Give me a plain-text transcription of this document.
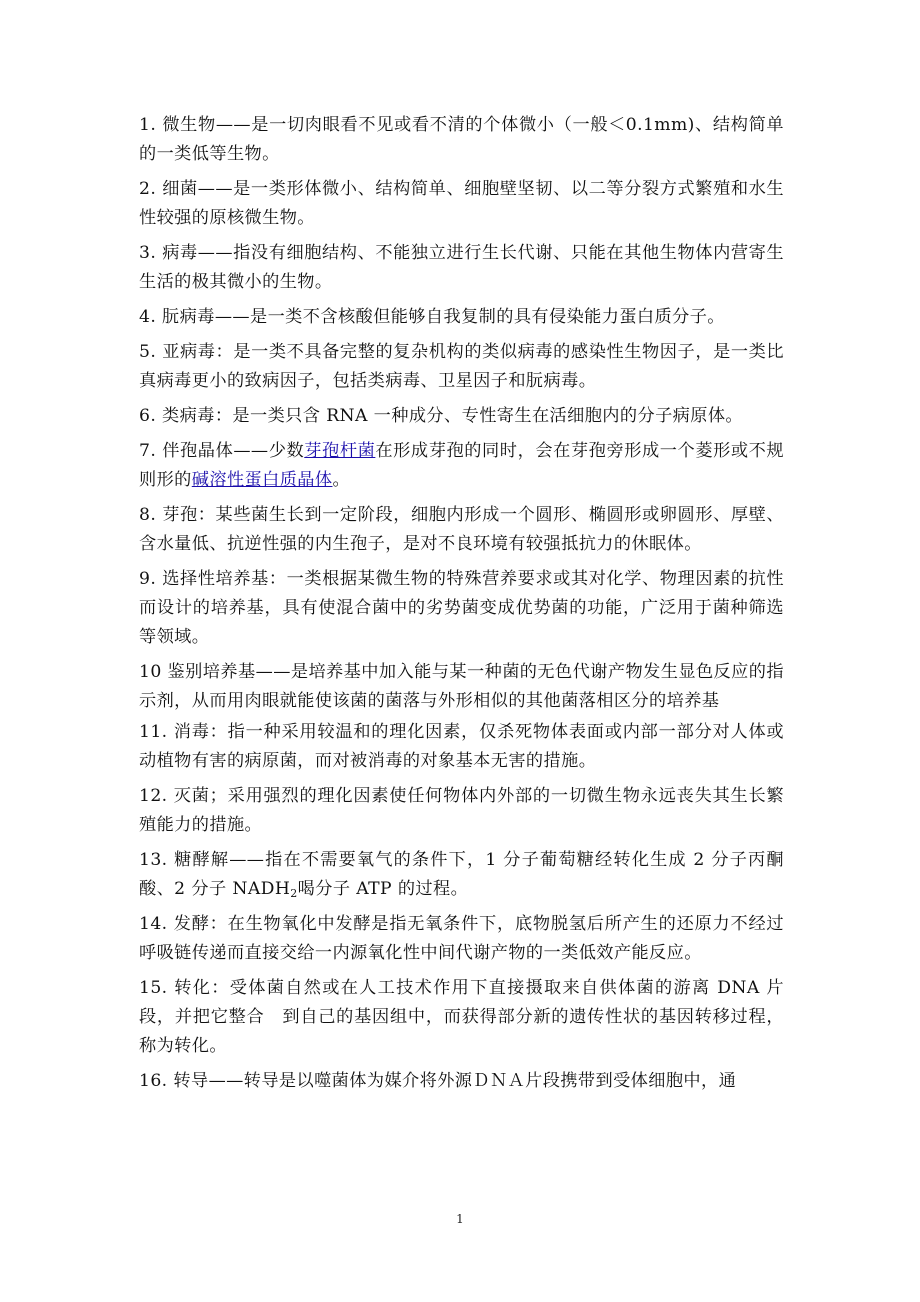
1. 微生物——是一切肉眼看不见或看不清的个体微小（一般＜0.1mm)、结构简单的一类低等生物。

2. 细菌——是一类形体微小、结构简单、细胞壁坚韧、以二等分裂方式繁殖和水生性较强的原核微生物。

3. 病毒——指没有细胞结构、不能独立进行生长代谢、只能在其他生物体内营寄生生活的极其微小的生物。

4. 朊病毒——是一类不含核酸但能够自我复制的具有侵染能力蛋白质分子。

5. 亚病毒：是一类不具备完整的复杂机构的类似病毒的感染性生物因子，是一类比真病毒更小的致病因子，包括类病毒、卫星因子和朊病毒。

6. 类病毒：是一类只含 RNA 一种成分、专性寄生在活细胞内的分子病原体。

7. 伴孢晶体——少数芽孢杆菌在形成芽孢的同时，会在芽孢旁形成一个菱形或不规则形的碱溶性蛋白质晶体。

8. 芽孢：某些菌生长到一定阶段，细胞内形成一个圆形、椭圆形或卵圆形、厚壁、含水量低、抗逆性强的内生孢子，是对不良环境有较强抵抗力的休眠体。

9. 选择性培养基：一类根据某微生物的特殊营养要求或其对化学、物理因素的抗性而设计的培养基，具有使混合菌中的劣势菌变成优势菌的功能，广泛用于菌种筛选等领域。

10 鉴别培养基——是培养基中加入能与某一种菌的无色代谢产物发生显色反应的指示剂，从而用肉眼就能使该菌的菌落与外形相似的其他菌落相区分的培养基

11. 消毒：指一种采用较温和的理化因素，仅杀死物体表面或内部一部分对人体或动植物有害的病原菌，而对被消毒的对象基本无害的措施。

12. 灭菌；采用强烈的理化因素使任何物体内外部的一切微生物永远丧失其生长繁殖能力的措施。

13. 糖酵解——指在不需要氧气的条件下，1 分子葡萄糖经转化生成 2 分子丙酮酸、2 分子 $NADH_2$喝分子 ATP 的过程。

14. 发酵：在生物氧化中发酵是指无氧条件下，底物脱氢后所产生的还原力不经过呼吸链传递而直接交给一内源氧化性中间代谢产物的一类低效产能反应。

15. 转化：受体菌自然或在人工技术作用下直接摄取来自供体菌的游离 DNA 片段，并把它整合　到自己的基因组中，而获得部分新的遗传性状的基因转移过程，称为转化。

16. 转导——转导是以噬菌体为媒介将外源ＤＮＡ片段携带到受体细胞中，通

1
